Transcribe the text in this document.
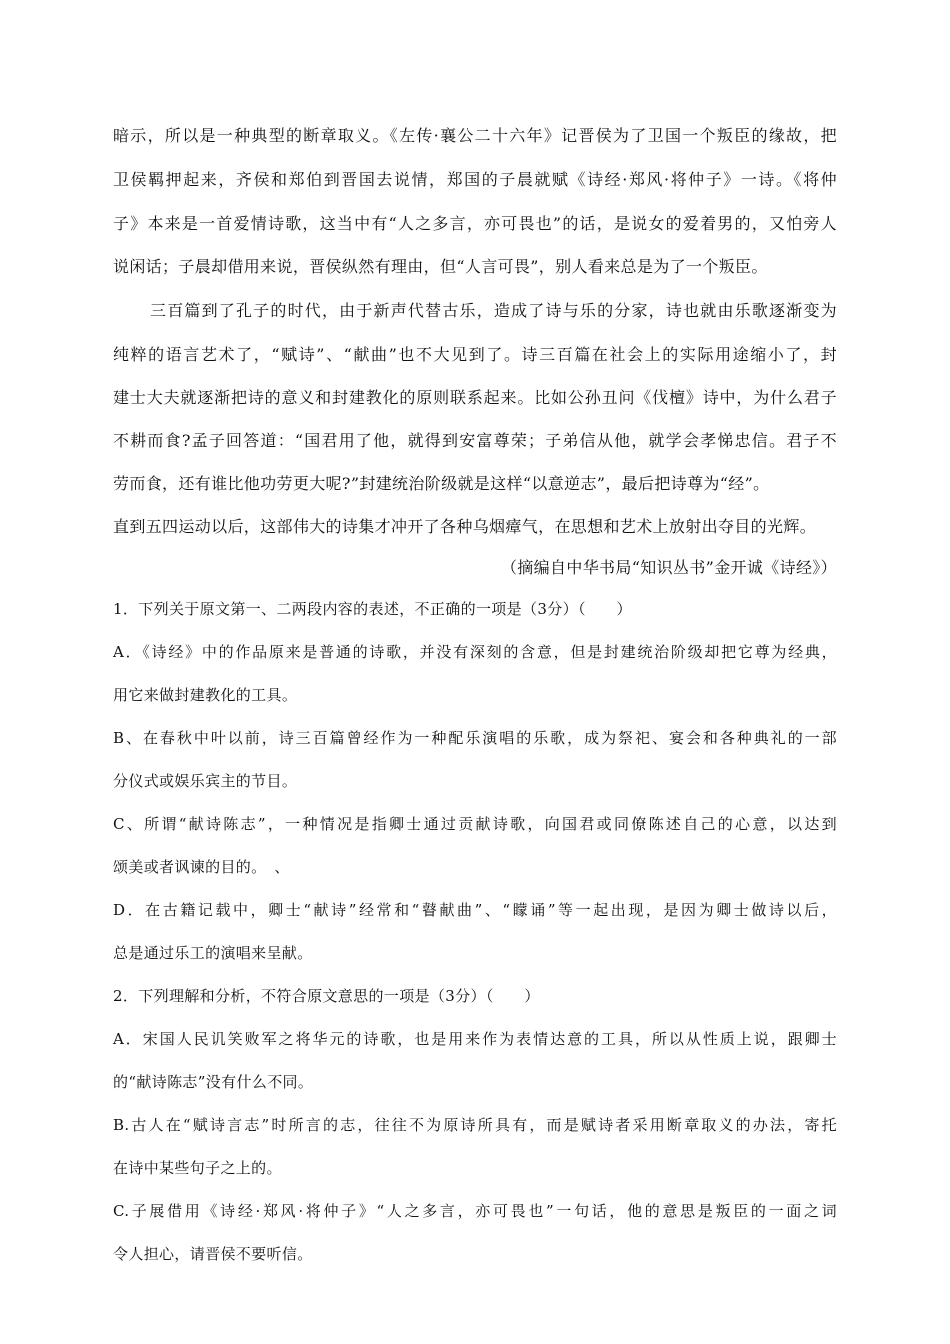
暗示，所以是一种典型的断章取义。《左传·襄公二十六年》记晋侯为了卫国一个叛臣的缘故，把
卫侯羁押起来，齐侯和郑伯到晋国去说情，郑国的子晨就赋《诗经·郑风·将仲子》一诗。《将仲
子》本来是一首爱情诗歌，这当中有“人之多言，亦可畏也”的话，是说女的爱着男的，又怕旁人
说闲话；子晨却借用来说，晋侯纵然有理由，但“人言可畏”，别人看来总是为了一个叛臣。
三百篇到了孔子的时代，由于新声代替古乐，造成了诗与乐的分家，诗也就由乐歌逐渐变为
纯粹的语言艺术了，“赋诗”、“献曲”也不大见到了。诗三百篇在社会上的实际用途缩小了，封
建士大夫就逐渐把诗的意义和封建教化的原则联系起来。比如公孙丑问《伐檀》诗中，为什么君子
不耕而食?孟子回答道：“国君用了他，就得到安富尊荣；子弟信从他，就学会孝悌忠信。君子不
劳而食，还有谁比他功劳更大呢?”封建统治阶级就是这样“以意逆志”，最后把诗尊为“经”。
直到五四运动以后，这部伟大的诗集才冲开了各种乌烟瘴气，在思想和艺术上放射出夺目的光辉。
（摘编自中华书局“知识丛书”金开诚《诗经》）
1．下列关于原文第一、二两段内容的表述，不正确的一项是（3分）（　　）
A．《诗经》中的作品原来是普通的诗歌，并没有深刻的含意，但是封建统治阶级却把它尊为经典，
用它来做封建教化的工具。
B、在春秋中叶以前，诗三百篇曾经作为一种配乐演唱的乐歌，成为祭祀、宴会和各种典礼的一部
分仪式或娱乐宾主的节目。
C、所谓“献诗陈志”，一种情况是指卿士通过贡献诗歌，向国君或同僚陈述自己的心意，以达到
颂美或者讽谏的目的。　、
D．在古籍记载中，卿士“献诗”经常和“瞽献曲”、“矇诵”等一起出现，是因为卿士做诗以后，
总是通过乐工的演唱来呈献。
2．下列理解和分析，不符合原文意思的一项是（3分）（　　）
A．宋国人民讥笑败军之将华元的诗歌，也是用来作为表情达意的工具，所以从性质上说，跟卿士
的“献诗陈志”没有什么不同。
B.古人在“赋诗言志”时所言的志，往往不为原诗所具有，而是赋诗者采用断章取义的办法，寄托
在诗中某些句子之上的。
C.子展借用《诗经·郑风·将仲子》“人之多言，亦可畏也”一句话，他的意思是叛臣的一面之词
令人担心，请晋侯不要听信。
